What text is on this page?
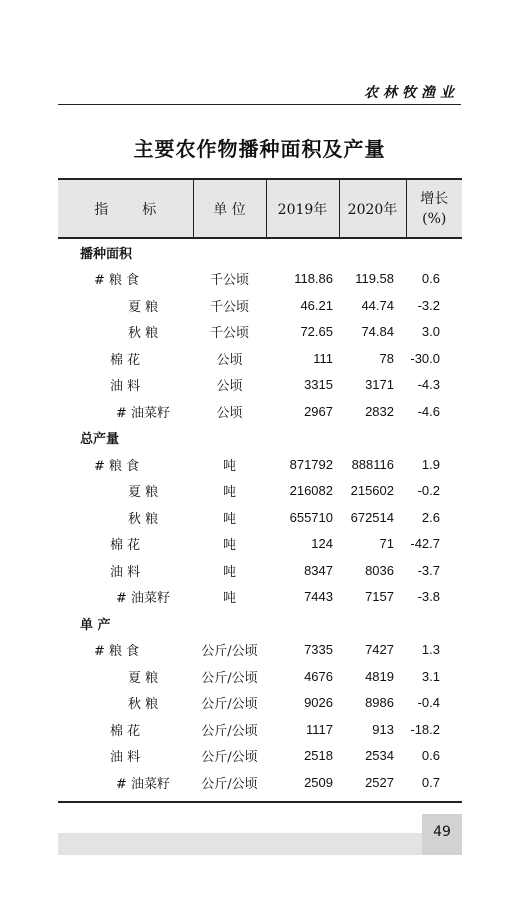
农林牧渔业
主要农作物播种面积及产量
指 标	单 位	2019年	2020年	增长
(%)

播种面积				
# 粮 食	千公顷	118.86	119.58	0.6
夏 粮	千公顷	46.21	44.74	-3.2
秋 粮	千公顷	72.65	74.84	3.0
棉 花	公顷	111	78	-30.0
油 料	公顷	3315	3171	-4.3
# 油菜籽	公顷	2967	2832	-4.6
总产量				
# 粮 食	吨	871792	888116	1.9
夏 粮	吨	216082	215602	-0.2
秋 粮	吨	655710	672514	2.6
棉 花	吨	124	71	-42.7
油 料	吨	8347	8036	-3.7
# 油菜籽	吨	7443	7157	-3.8
单 产				
# 粮 食	公斤/公顷	7335	7427	1.3
夏 粮	公斤/公顷	4676	4819	3.1
秋 粮	公斤/公顷	9026	8986	-0.4
棉 花	公斤/公顷	1117	913	-18.2
油 料	公斤/公顷	2518	2534	0.6
# 油菜籽	公斤/公顷	2509	2527	0.7
49
